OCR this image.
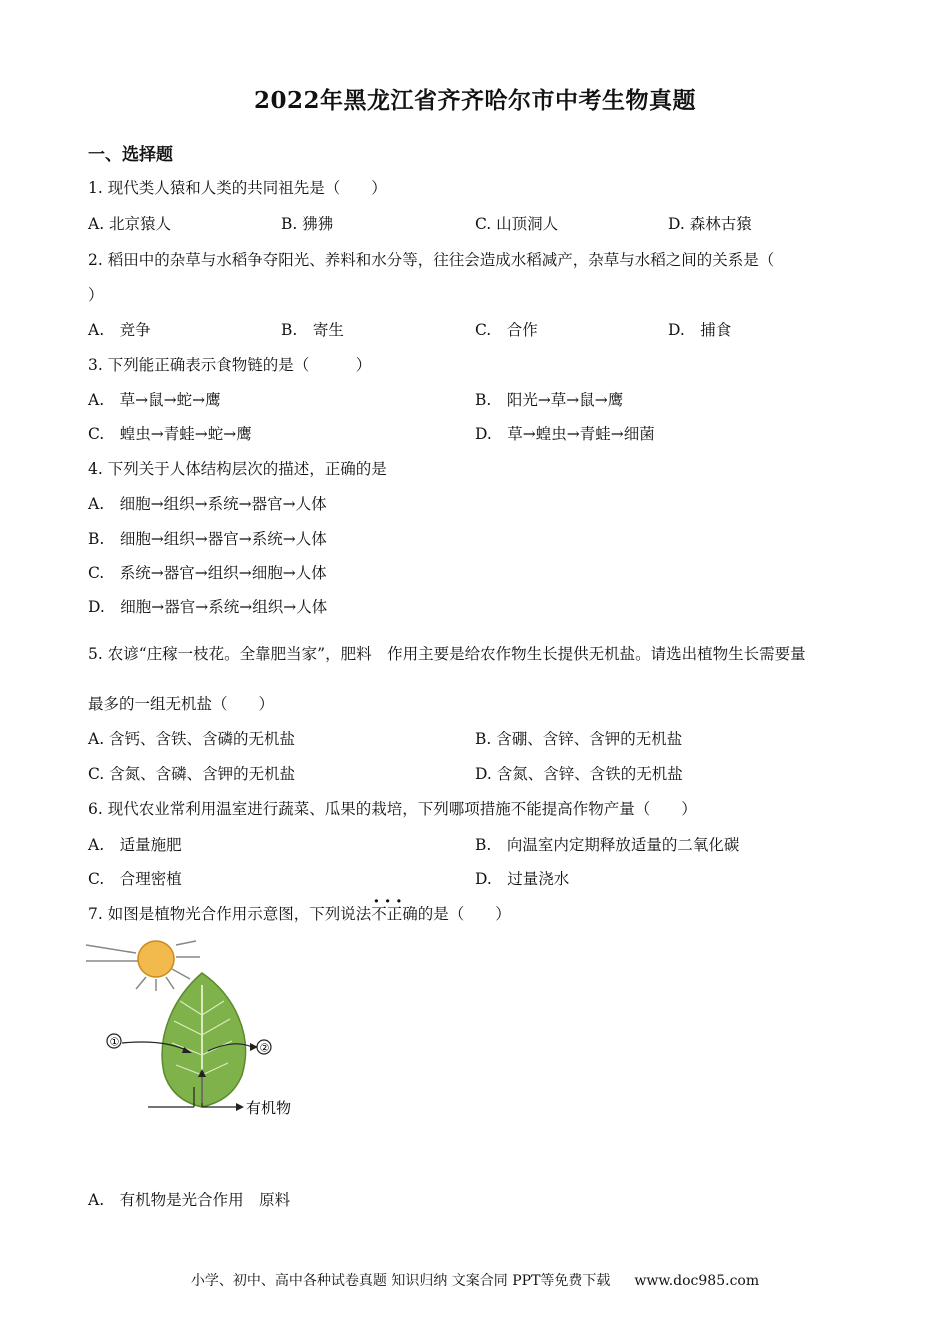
2022年黑龙江省齐齐哈尔市中考生物真题
一、选择题
1. 现代类人猿和人类的共同祖先是（　　）
A. 北京猿人	B. 狒狒	C. 山顶洞人	D. 森林古猿
2. 稻田中的杂草与水稻争夺阳光、养料和水分等，往往会造成水稻减产，杂草与水稻之间的关系是（
）
A.　竞争	B.　寄生	C.　合作	D.　捕食
3. 下列能正确表示食物链的是（　　　）
A.　草→鼠→蛇→鹰	B.　阳光→草→鼠→鹰
C.　蝗虫→青蛙→蛇→鹰	D.　草→蝗虫→青蛙→细菌
4. 下列关于人体结构层次的描述，正确的是
A.　细胞→组织→系统→器官→人体
B.　细胞→组织→器官→系统→人体
C.　系统→器官→组织→细胞→人体
D.　细胞→器官→系统→组织→人体
5. 农谚“庄稼一枝花。全靠肥当家”，肥料　作用主要是给农作物生长提供无机盐。请选出植物生长需要量
最多的一组无机盐（　　）
A. 含钙、含铁、含磷的无机盐	B. 含硼、含锌、含钾的无机盐
C. 含氮、含磷、含钾的无机盐	D. 含氮、含锌、含铁的无机盐
6. 现代农业常利用温室进行蔬菜、瓜果的栽培，下列哪项措施不能提高作物产量（　　）
A.　适量施肥	B.　向温室内定期释放适量的二氧化碳
C.　合理密植	D.　过量浇水
7. 如图是植物光合作用示意图，下列说法··· 不正确的是（　　）
①	②
有机物
A.　有机物是光合作用　原料
小学、初中、高中各种试卷真题 知识归纳 文案合同 PPT等免费下载 www.doc985.com
